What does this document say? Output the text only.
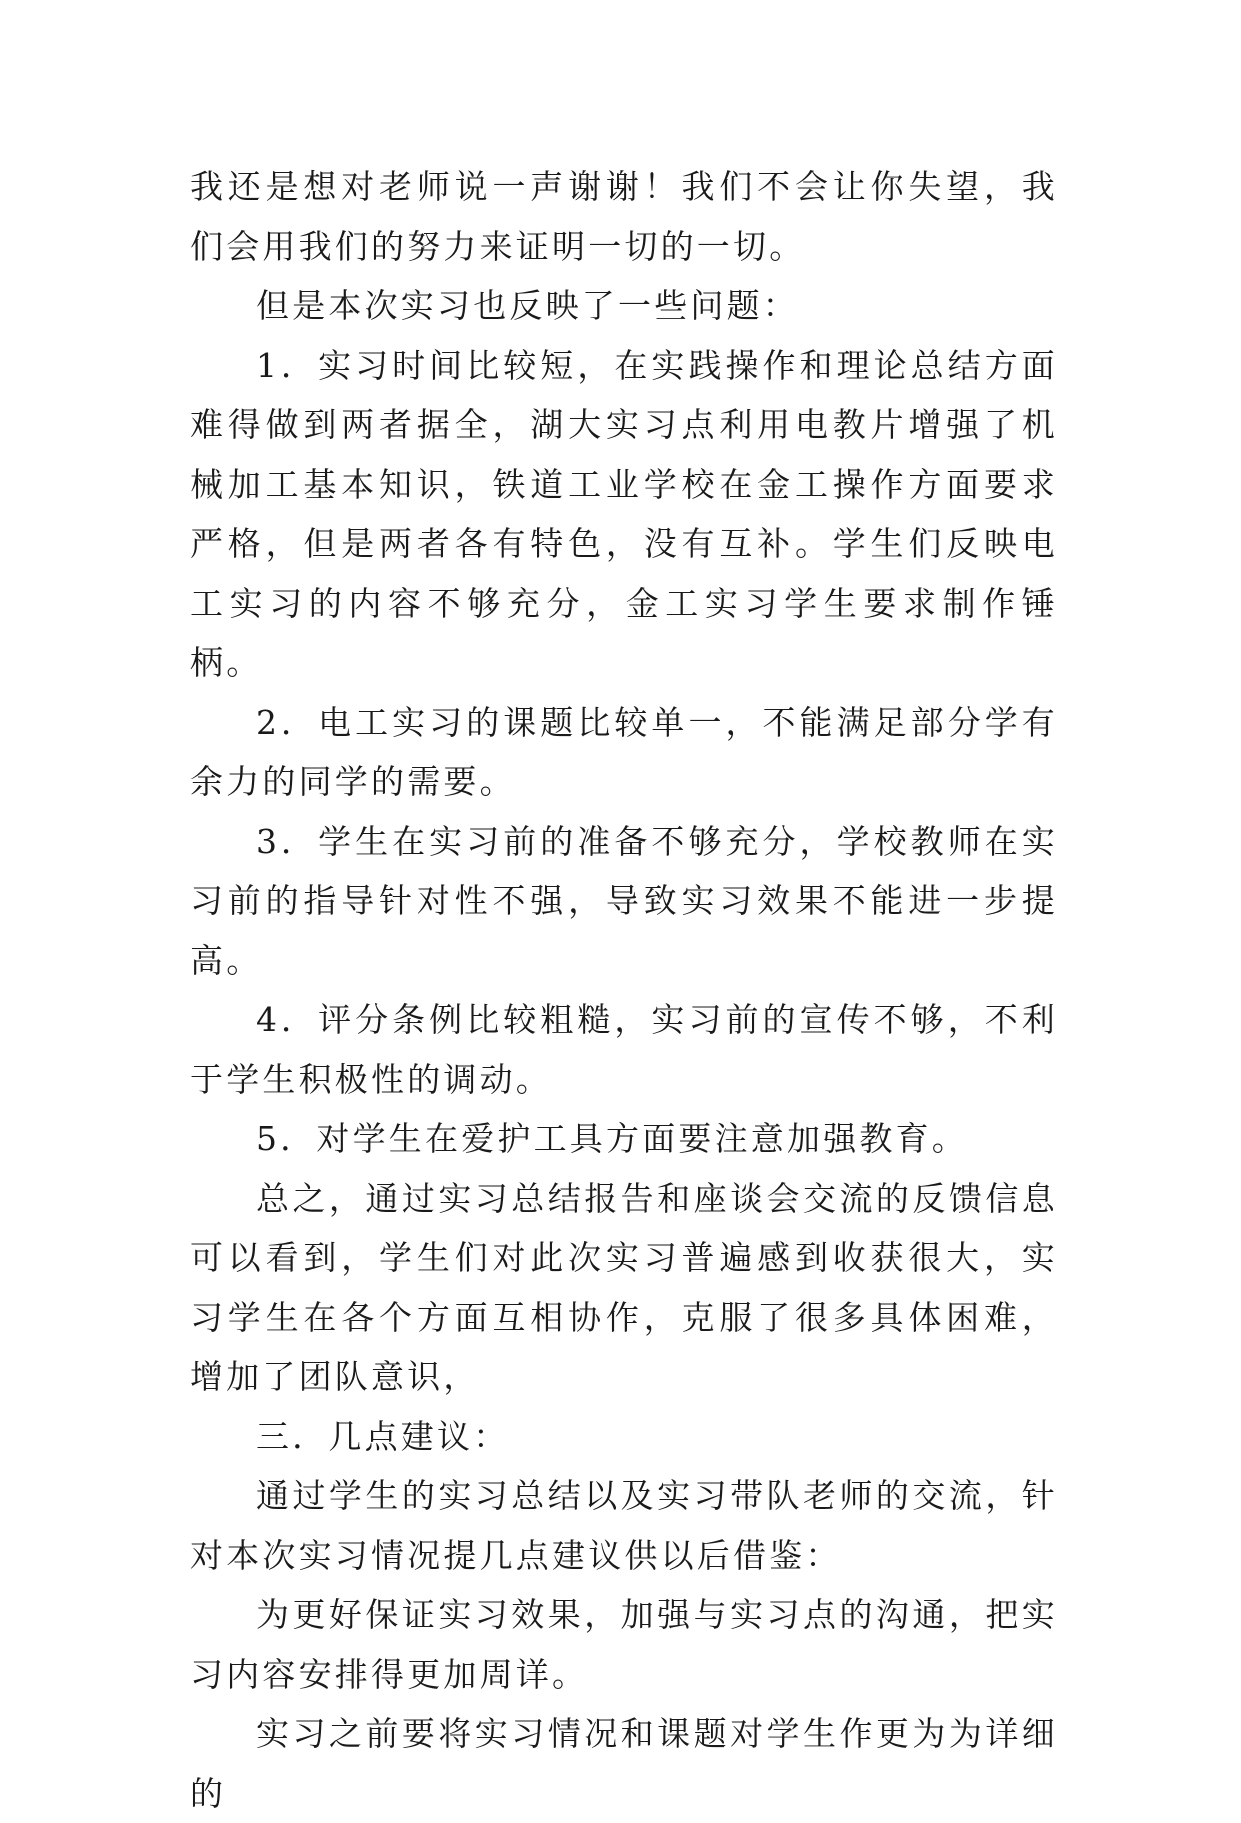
我还是想对老师说一声谢谢！我们不会让你失望，我们会用我们的努力来证明一切的一切。

但是本次实习也反映了一些问题：

1．实习时间比较短，在实践操作和理论总结方面难得做到两者据全，湖大实习点利用电教片增强了机械加工基本知识，铁道工业学校在金工操作方面要求严格，但是两者各有特色，没有互补。学生们反映电工实习的内容不够充分，金工实习学生要求制作锤柄。

2．电工实习的课题比较单一，不能满足部分学有余力的同学的需要。

3．学生在实习前的准备不够充分，学校教师在实习前的指导针对性不强，导致实习效果不能进一步提高。

4．评分条例比较粗糙，实习前的宣传不够，不利于学生积极性的调动。

5．对学生在爱护工具方面要注意加强教育。

总之，通过实习总结报告和座谈会交流的反馈信息可以看到，学生们对此次实习普遍感到收获很大，实习学生在各个方面互相协作，克服了很多具体困难，增加了团队意识，

三．几点建议：

通过学生的实习总结以及实习带队老师的交流，针对本次实习情况提几点建议供以后借鉴：

为更好保证实习效果，加强与实习点的沟通，把实习内容安排得更加周详。

实习之前要将实习情况和课题对学生作更为为详细的
